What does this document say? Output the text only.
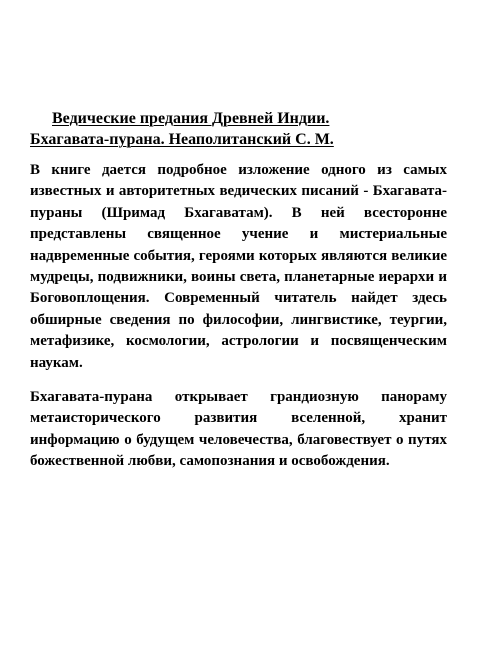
Ведические предания Древней Индии.
Бхагавата-пурана. Неаполитанский С. М.

В книге дается подробное изложение одного из самых известных и авторитетных ведических писаний - Бхагавата-пураны (Шримад Бхагаватам). В ней всесторонне представлены священное учение и мистериальные надвременные события, героями которых являются великие мудрецы, подвижники, воины света, планетарные иерархи и Боговоплощения. Современный читатель найдет здесь обширные сведения по философии, лингвистике, теургии, метафизике, космологии, астрологии и посвященческим наукам.

Бхагавата-пурана открывает грандиозную панораму метаисторического развития вселенной, хранит информацию о будущем человечества, благовествует о путях божественной любви, самопознания и освобождения.
